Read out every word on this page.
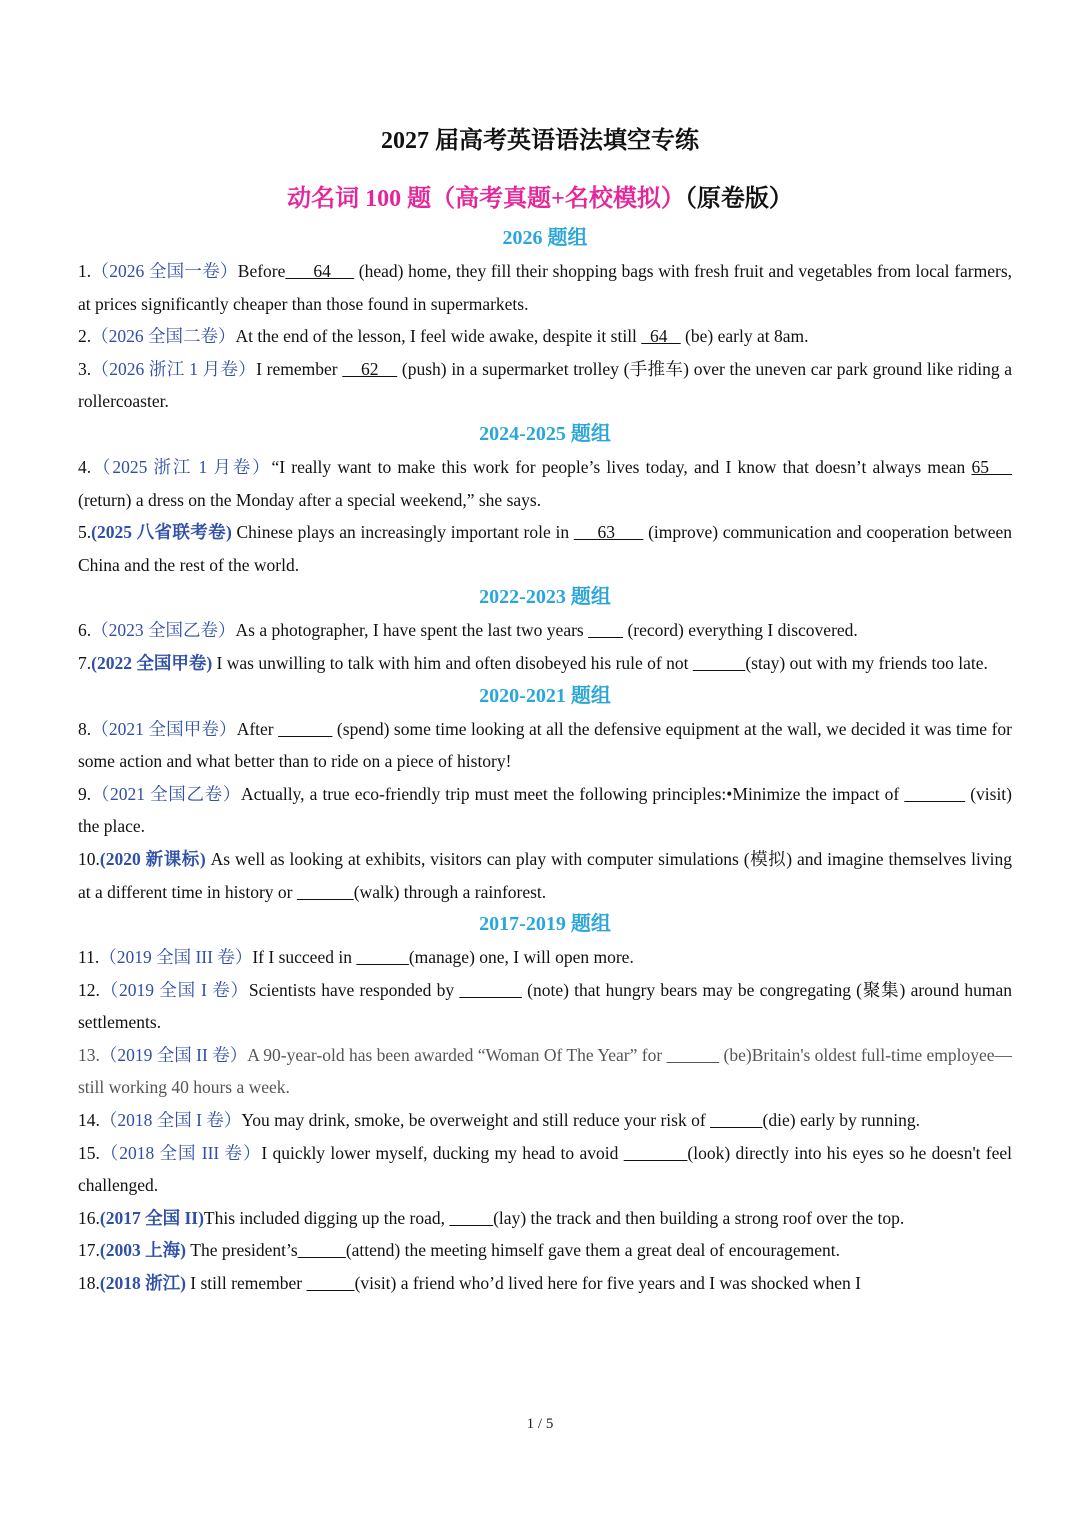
2027 届高考英语语法填空专练
动名词 100 题（高考真题+名校模拟）（原卷版）
2026 题组
1.（2026 全国一卷）Before      64      (head) home, they fill their shopping bags with fresh fruit and vegetables from local farmers, at prices significantly cheaper than those found in supermarkets.
2.（2026 全国二卷）At the end of the lesson, I feel wide awake, despite it still   64    (be) early at 8am.
3.（2026 浙江 1 月卷）I remember     62     (push) in a supermarket trolley (手推车) over the uneven car park ground like riding a rollercoaster.
2024-2025 题组
4.（2025 浙江 1 月卷）“I really want to make this work for people’s lives today, and I know that doesn’t always mean 65     (return) a dress on the Monday after a special weekend,” she says.
5.(2025 八省联考卷) Chinese plays an increasingly important role in      63       (improve) communication and cooperation between China and the rest of the world.
2022-2023 题组
6.（2023 全国乙卷）As a photographer, I have spent the last two years          (record) everything I discovered.
7.(2022 全国甲卷) I was unwilling to talk with him and often disobeyed his rule of not	(stay) out with my friends too late.
2020-2021 题组
8.（2021 全国甲卷）After	(spend) some time looking at all the defensive equipment at the wall, we decided it was time for some action and what better than to ride on a piece of history!
9.（2021 全国乙卷）Actually, a true eco-friendly trip must meet the following principles:•Minimize the impact of	(visit) the place.
10.(2020 新课标) As well as looking at exhibits, visitors can play with computer simulations (模拟) and imagine themselves living at a different time in history or	(walk) through a rainforest.
2017-2019 题组
11.（2019 全国 III 卷）If I succeed in	(manage) one, I will open more.
12.（2019 全国 I 卷）Scientists have responded by	(note) that hungry bears may be congregating (聚集) around human settlements.
13.（2019 全国 II 卷）A 90-year-old has been awarded “Woman Of The Year” for	(be)Britain's oldest full-time employee—still working 40 hours a week.
14.（2018 全国 I 卷）You may drink, smoke, be overweight and still reduce your risk of	(die) early by running.
15.（2018 全国 III 卷）I quickly lower myself, ducking my head to avoid	(look) directly into his eyes so he doesn't feel challenged.
16.(2017 全国 II)This included digging up the road,	(lay) the track and then building a strong roof over the top.
17.(2003 上海) The president’s	(attend) the meeting himself gave them a great deal of encouragement.
18.(2018 浙江) I still remember	(visit) a friend who’d lived here for five years and I was shocked when I
1 / 5
